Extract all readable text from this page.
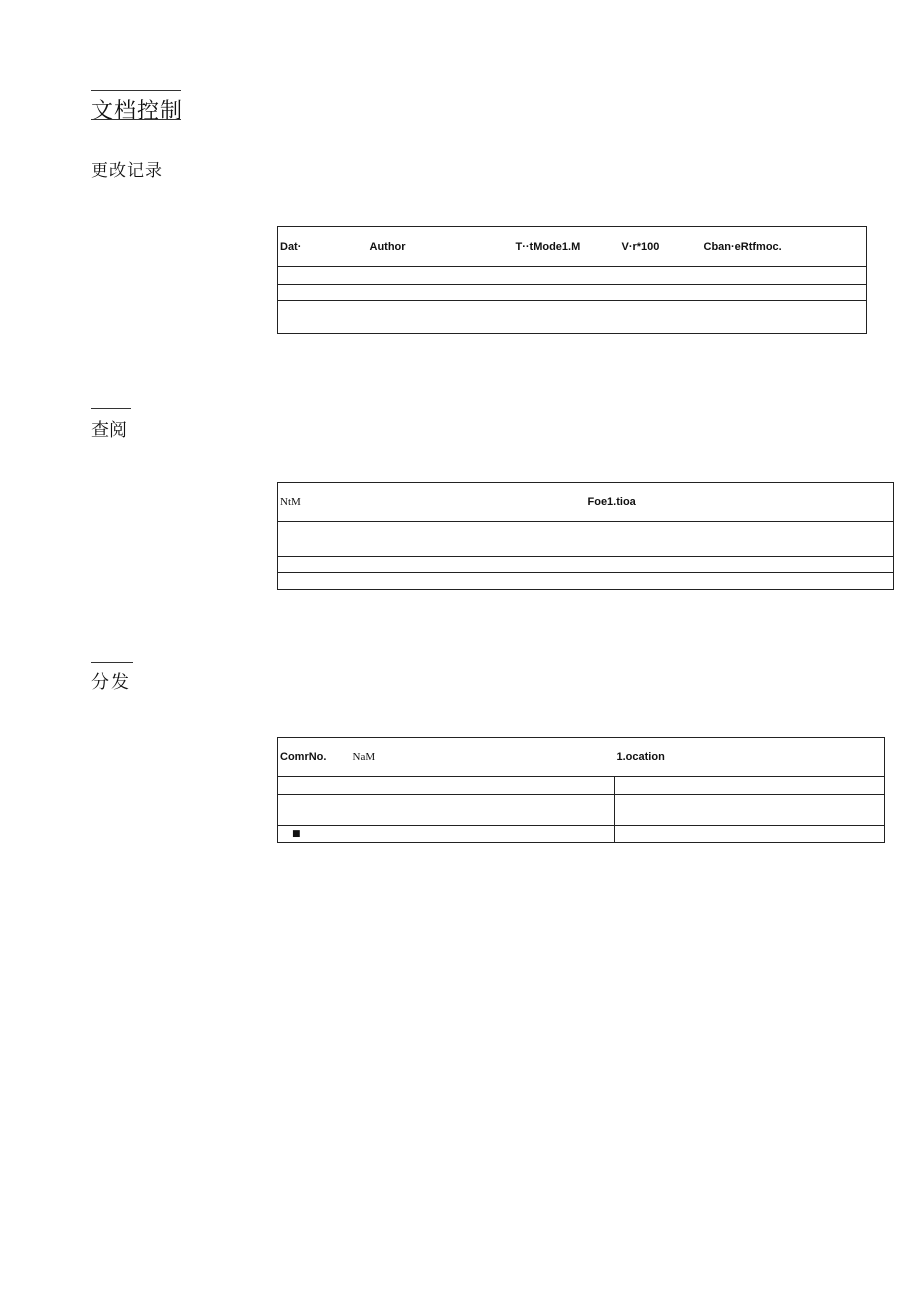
文档控制
更改记录
Dat·	Author	T··tMode1.M	V·r*100	Cban·eRtfmoc.

查阅
NtM	Foe1.tioa

分发
ComrNo.	NaM	1.ocation

■		
